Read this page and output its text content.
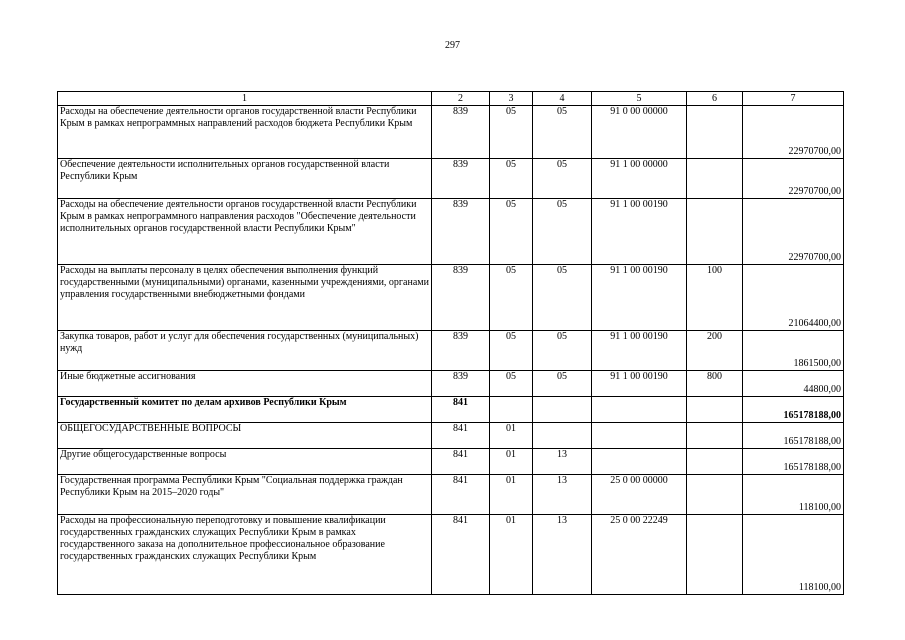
297
1	2	3	4	5	6	7
Расходы на обеспечение деятельности органов государственной власти Республики Крым в рамках непрограммных направлений расходов бюджета Республики Крым	839	05	05	91 0 00 00000		22970700,00
Обеспечение деятельности исполнительных органов государственной власти Республики Крым	839	05	05	91 1 00 00000		22970700,00
Расходы на обеспечение деятельности органов государственной власти Республики Крым в рамках непрограммного направления расходов "Обеспечение деятельности исполнительных органов государственной власти Республики Крым"	839	05	05	91 1 00 00190		22970700,00
Расходы на выплаты персоналу в целях обеспечения выполнения функций государственными (муниципальными) органами, казенными учреждениями, органами управления государственными внебюджетными фондами	839	05	05	91 1 00 00190	100	21064400,00
Закупка товаров, работ и услуг для обеспечения государственных (муниципальных) нужд	839	05	05	91 1 00 00190	200	1861500,00
Иные бюджетные ассигнования	839	05	05	91 1 00 00190	800	44800,00
Государственный комитет по делам архивов Республики Крым	841					165178188,00
ОБЩЕГОСУДАРСТВЕННЫЕ ВОПРОСЫ	841	01				165178188,00
Другие общегосударственные вопросы	841	01	13			165178188,00
Государственная программа Республики Крым "Социальная поддержка граждан Республики Крым на 2015–2020 годы"	841	01	13	25 0 00 00000		118100,00
Расходы на профессиональную переподготовку и повышение квалификации государственных гражданских служащих Республики Крым в рамках государственного заказа на дополнительное профессиональное образование государственных гражданских служащих Республики Крым	841	01	13	25 0 00 22249		118100,00
